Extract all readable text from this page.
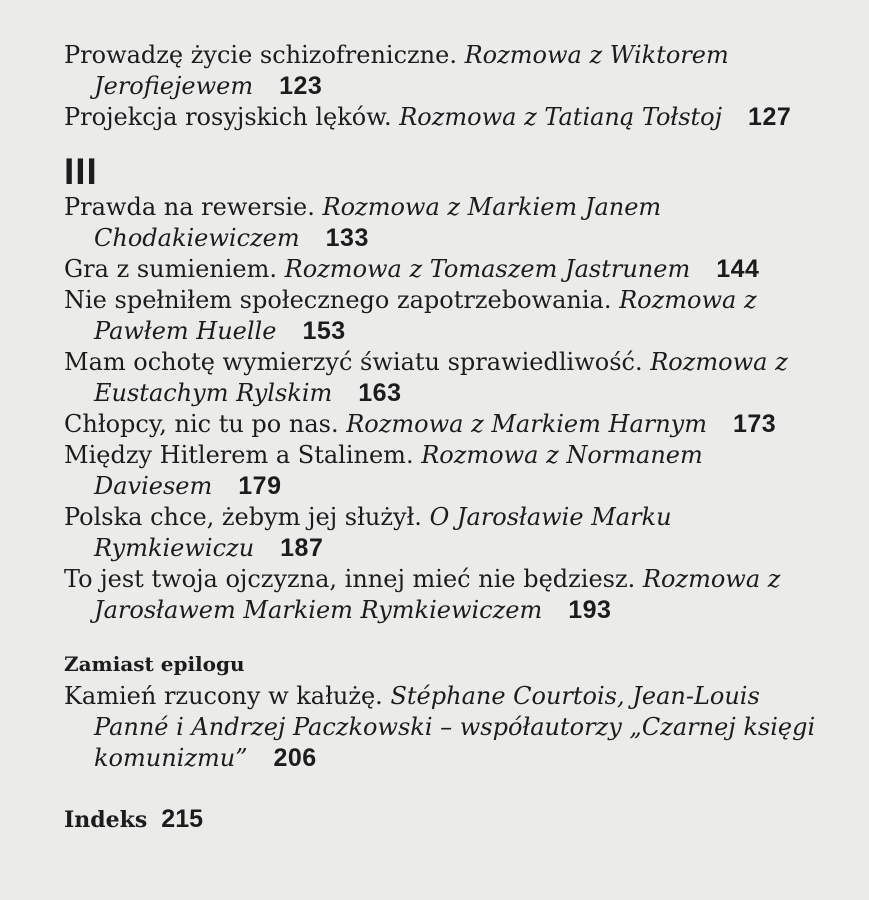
Prowadzę życie schizofreniczne. Rozmowa z Wiktorem Jerofiejewem 123

Projekcja rosyjskich lęków. Rozmowa z Tatianą Tołstoj 127

III

Prawda na rewersie. Rozmowa z Markiem Janem Chodakiewiczem 133

Gra z sumieniem. Rozmowa z Tomaszem Jastrunem 144

Nie spełniłem społecznego zapotrzebowania. Rozmowa z Pawłem Huelle 153

Mam ochotę wymierzyć światu sprawiedliwość. Rozmowa z Eustachym Rylskim 163

Chłopcy, nic tu po nas. Rozmowa z Markiem Harnym 173

Między Hitlerem a Stalinem. Rozmowa z Normanem Daviesem 179

Polska chce, żebym jej służył. O Jarosławie Marku Rymkiewiczu 187

To jest twoja ojczyzna, innej mieć nie będziesz. Rozmowa z Jarosławem Markiem Rymkiewiczem 193

Zamiast epilogu

Kamień rzucony w kałużę. Stéphane Courtois, Jean-Louis Panné i Andrzej Paczkowski – współautorzy „Czarnej księgi komunizmu” 206

Indeks 215
